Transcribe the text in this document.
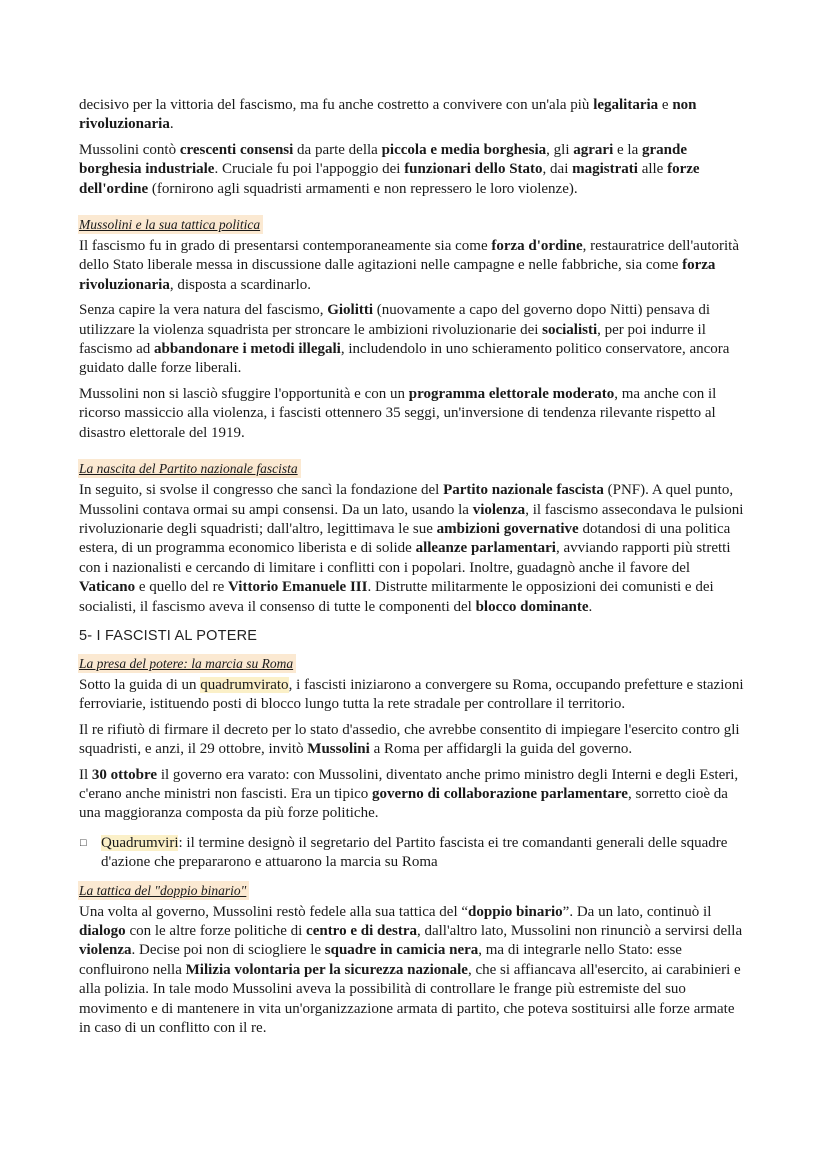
decisivo per la vittoria del fascismo, ma fu anche costretto a convivere con un'ala più legalitaria e non rivoluzionaria.

Mussolini contò crescenti consensi da parte della piccola e media borghesia, gli agrari e la grande borghesia industriale. Cruciale fu poi l'appoggio dei funzionari dello Stato, dai magistrati alle forze dell'ordine (fornirono agli squadristi armamenti e non repressero le loro violenze).

Mussolini e la sua tattica politica

Il fascismo fu in grado di presentarsi contemporaneamente sia come forza d'ordine, restauratrice dell'autorità dello Stato liberale messa in discussione dalle agitazioni nelle campagne e nelle fabbriche, sia come forza rivoluzionaria, disposta a scardinarlo.

Senza capire la vera natura del fascismo, Giolitti (nuovamente a capo del governo dopo Nitti) pensava di utilizzare la violenza squadrista per stroncare le ambizioni rivoluzionarie dei socialisti, per poi indurre il fascismo ad abbandonare i metodi illegali, includendolo in uno schieramento politico conservatore, ancora guidato dalle forze liberali.

Mussolini non si lasciò sfuggire l'opportunità e con un programma elettorale moderato, ma anche con il ricorso massiccio alla violenza, i fascisti ottennero 35 seggi, un'inversione di tendenza rilevante rispetto al disastro elettorale del 1919.

La nascita del Partito nazionale fascista

In seguito, si svolse il congresso che sancì la fondazione del Partito nazionale fascista (PNF). A quel punto, Mussolini contava ormai su ampi consensi. Da un lato, usando la violenza, il fascismo assecondava le pulsioni rivoluzionarie degli squadristi; dall'altro, legittimava le sue ambizioni governative dotandosi di una politica estera, di un programma economico liberista e di solide alleanze parlamentari, avviando rapporti più stretti con i nazionalisti e cercando di limitare i conflitti con i popolari. Inoltre, guadagnò anche il favore del Vaticano e quello del re Vittorio Emanuele III. Distrutte militarmente le opposizioni dei comunisti e dei socialisti, il fascismo aveva il consenso di tutte le componenti del blocco dominante.

5- I FASCISTI AL POTERE
La presa del potere: la marcia su Roma

Sotto la guida di un quadrumvirato, i fascisti iniziarono a convergere su Roma, occupando prefetture e stazioni ferroviarie, istituendo posti di blocco lungo tutta la rete stradale per controllare il territorio.

Il re rifiutò di firmare il decreto per lo stato d'assedio, che avrebbe consentito di impiegare l'esercito contro gli squadristi, e anzi, il 29 ottobre, invitò Mussolini a Roma per affidargli la guida del governo.

Il 30 ottobre il governo era varato: con Mussolini, diventato anche primo ministro degli Interni e degli Esteri, c'erano anche ministri non fascisti. Era un tipico governo di collaborazione parlamentare, sorretto cioè da una maggioranza composta da più forze politiche.

□ Quadrumviri: il termine designò il segretario del Partito fascista ei tre comandanti generali delle squadre d'azione che prepararono e attuarono la marcia su Roma

La tattica del "doppio binario"

Una volta al governo, Mussolini restò fedele alla sua tattica del “doppio binario”. Da un lato, continuò il dialogo con le altre forze politiche di centro e di destra, dall'altro lato, Mussolini non rinunciò a servirsi della violenza. Decise poi non di sciogliere le squadre in camicia nera, ma di integrarle nello Stato: esse confluirono nella Milizia volontaria per la sicurezza nazionale, che si affiancava all'esercito, ai carabinieri e alla polizia. In tale modo Mussolini aveva la possibilità di controllare le frange più estremiste del suo movimento e di mantenere in vita un'organizzazione armata di partito, che poteva sostituirsi alle forze armate in caso di un conflitto con il re.
